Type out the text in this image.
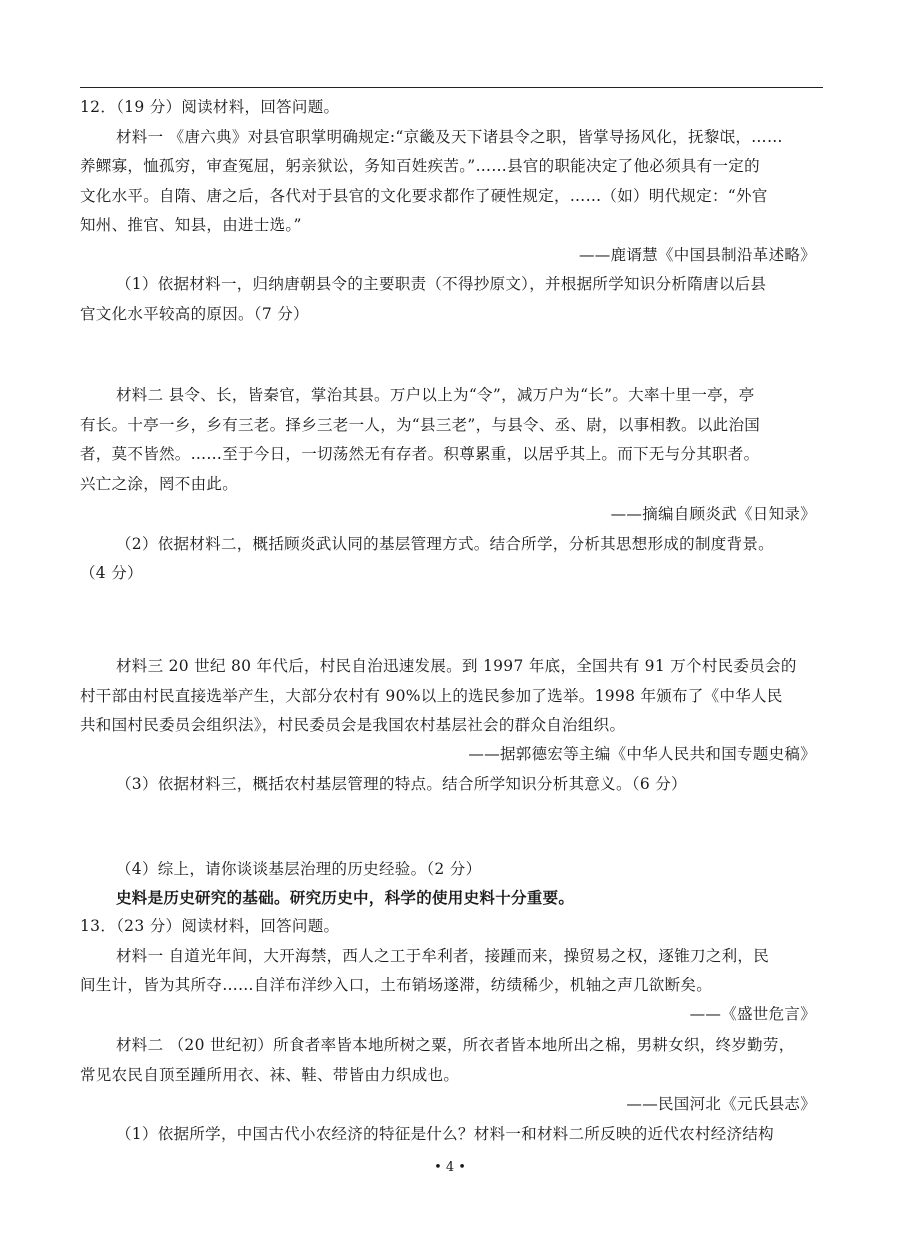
12．（19 分）阅读材料，回答问题。
材料一 《唐六典》对县官职掌明确规定:“京畿及天下诸县令之职，皆掌导扬风化，抚黎氓，……
养鳏寡，恤孤穷，审查冤屈，躬亲狱讼，务知百姓疾苦。”……县官的职能决定了他必须具有一定的
文化水平。自隋、唐之后，各代对于县官的文化要求都作了硬性规定，……（如）明代规定：“外官
知州、推官、知县，由进士选。”
——鹿谞慧《中国县制沿革述略》
（1）依据材料一，归纳唐朝县令的主要职责（不得抄原文），并根据所学知识分析隋唐以后县
官文化水平较高的原因。（7 分）
材料二 县令、长，皆秦官，掌治其县。万户以上为“令”，减万户为“长”。大率十里一亭，亭
有长。十亭一乡，乡有三老。择乡三老一人，为“县三老”，与县令、丞、尉，以事相教。以此治国
者，莫不皆然。……至于今日，一切荡然无有存者。积尊累重，以居乎其上。而下无与分其职者。
兴亡之涂，罔不由此。
——摘编自顾炎武《日知录》
（2）依据材料二，概括顾炎武认同的基层管理方式。结合所学，分析其思想形成的制度背景。
（4 分）
材料三 20 世纪 80 年代后，村民自治迅速发展。到 1997 年底，全国共有 91 万个村民委员会的
村干部由村民直接选举产生，大部分农村有 90%以上的选民参加了选举。1998 年颁布了《中华人民
共和国村民委员会组织法》，村民委员会是我国农村基层社会的群众自治组织。
——据郭德宏等主编《中华人民共和国专题史稿》
（3）依据材料三，概括农村基层管理的特点。结合所学知识分析其意义。（6 分）
（4）综上，请你谈谈基层治理的历史经验。（2 分）
史料是历史研究的基础。研究历史中，科学的使用史料十分重要。
13．（23 分）阅读材料，回答问题。
材料一 自道光年间，大开海禁，西人之工于牟利者，接踵而来，操贸易之权，逐锥刀之利，民
间生计，皆为其所夺……自洋布洋纱入口，土布销场遂滞，纺绩稀少，机轴之声几欲断矣。
——《盛世危言》
材料二 （20 世纪初）所食者率皆本地所树之粟，所衣者皆本地所出之棉，男耕女织，终岁勤劳，
常见农民自顶至踵所用衣、袜、鞋、带皆由力织成也。
——民国河北《元氏县志》
（1）依据所学，中国古代小农经济的特征是什么？材料一和材料二所反映的近代农村经济结构
• 4 •
